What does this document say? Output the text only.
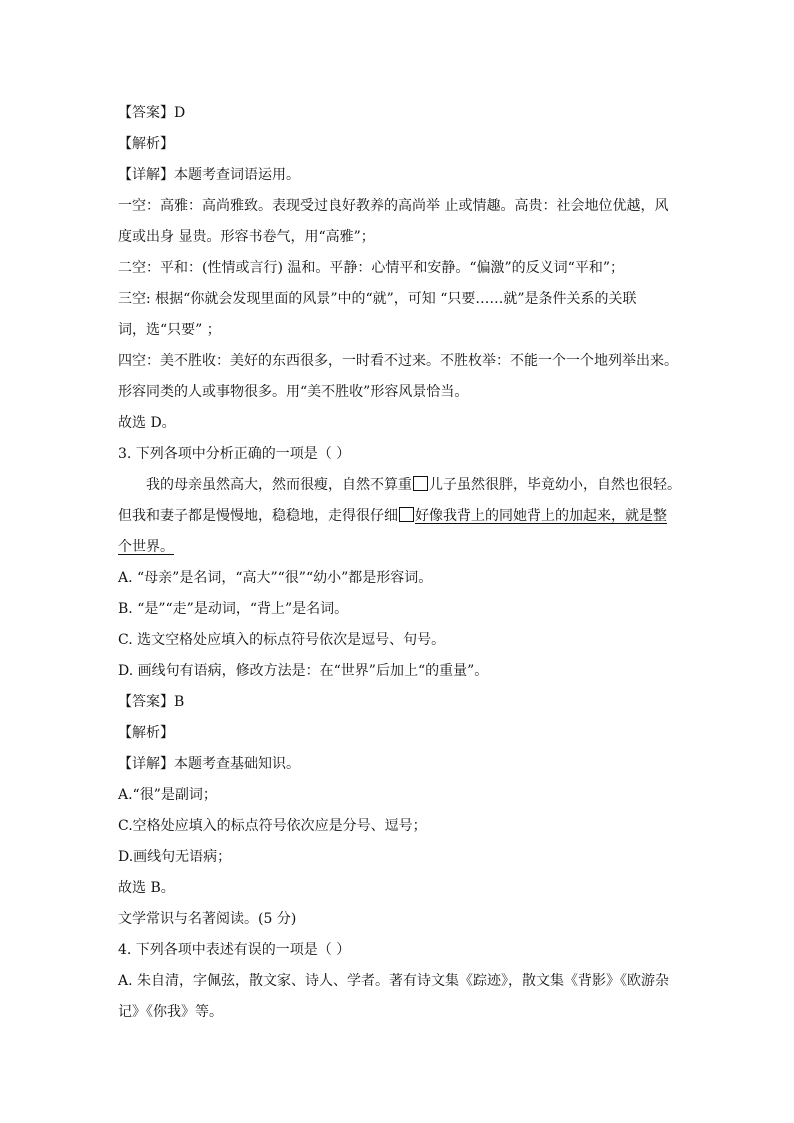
【答案】D

【解析】

【详解】本题考查词语运用。

一空：高雅：高尚雅致。表现受过良好教养的高尚举 止或情趣。高贵：社会地位优越，风

度或出身 显贵。形容书卷气，用“高雅”；

二空：平和：(性情或言行) 温和。平静：心情平和安静。“偏激”的反义词“平和”；

三空: 根据“你就会发现里面的风景”中的“就”，可知 “只要……就”是条件关系的关联

词，选“只要” ；

四空：美不胜收：美好的东西很多，一时看不过来。不胜枚举：不能一个一个地列举出来。

形容同类的人或事物很多。用“美不胜收”形容风景恰当。

故选 D。

3. 下列各项中分析正确的一项是（ ）

我的母亲虽然高大，然而很瘦，自然不算重 儿子虽然很胖，毕竟幼小，自然也很轻。

但我和妻子都是慢慢地，稳稳地，走得很仔细 好像我背上的同她背上的加起来，就是整

个世界。

A. “母亲”是名词，“高大”“很”“幼小”都是形容词。

B. “是”“走”是动词，“背上”是名词。

C. 选文空格处应填入的标点符号依次是逗号、句号。

D. 画线句有语病，修改方法是：在“世界”后加上“的重量”。

【答案】B

【解析】

【详解】本题考查基础知识。

A.“很”是副词；

C.空格处应填入的标点符号依次应是分号、逗号；

D.画线句无语病；

故选 B。

文学常识与名著阅读。(5 分)

4. 下列各项中表述有误的一项是（ ）

A. 朱自清，字佩弦，散文家、诗人、学者。著有诗文集《踪迹》，散文集《背影》《欧游杂

记》《你我》等。
